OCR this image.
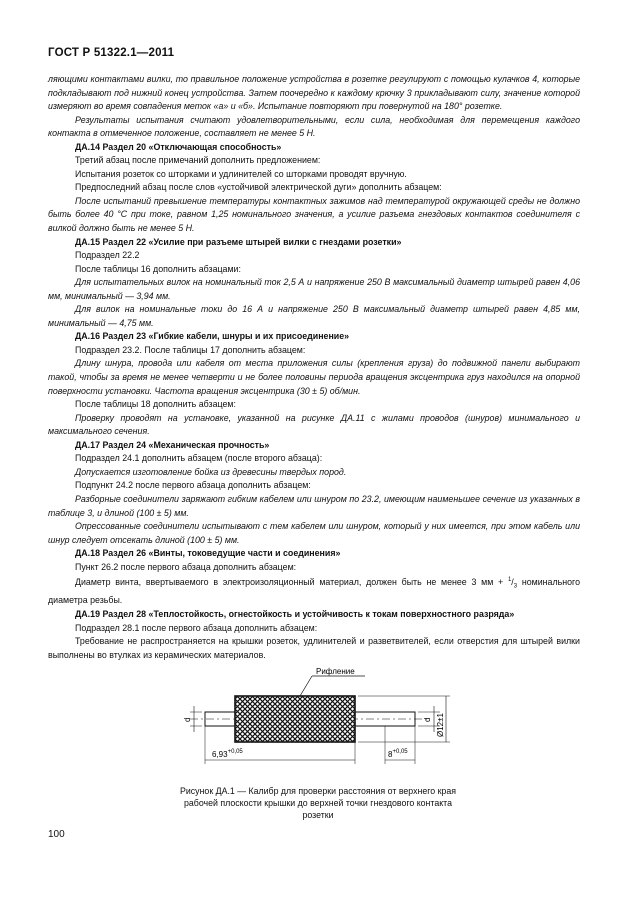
ГОСТ Р 51322.1—2011

ляющими контактами вилки, то правильное положение устройства в розетке регулируют с помощью кулачков 4, которые подкладывают под нижний конец устройства. Затем поочередно к каждому крючку 3 прикладывают силу, значение которой измеряют во время совпадения меток «а» и «б». Испытание повторяют при повернутой на 180° розетке.

Результаты испытания считают удовлетворительными, если сила, необходимая для перемещения каждого контакта в отмеченное положение, составляет не менее 5 Н.

ДА.14 Раздел 20 «Отключающая способность»

Третий абзац после примечаний дополнить предложением:

Испытания розеток со шторками и удлинителей со шторками проводят вручную.

Предпоследний абзац после слов «устойчивой электрической дуги» дополнить абзацем:

После испытаний превышение температуры контактных зажимов над температурой окружающей среды не должно быть более 40 °С при токе, равном 1,25 номинального значения, а усилие разъема гнездовых контактов соединителя с вилкой должно быть не менее 5 Н.

ДА.15 Раздел 22 «Усилие при разъеме штырей вилки с гнездами розетки»

Подраздел 22.2

После таблицы 16 дополнить абзацами:

Для испытательных вилок на номинальный ток 2,5 А и напряжение 250 В максимальный диаметр штырей равен 4,06 мм, минимальный — 3,94 мм.

Для вилок на номинальные токи до 16 А и напряжение 250 В максимальный диаметр штырей равен 4,85 мм, минимальный — 4,75 мм.

ДА.16 Раздел 23 «Гибкие кабели, шнуры и их присоединение»

Подраздел 23.2. После таблицы 17 дополнить абзацем:

Длину шнура, провода или кабеля от места приложения силы (крепления груза) до подвижной панели выбирают такой, чтобы за время не менее четверти и не более половины периода вращения эксцентрика груз находился на опорной поверхности установки. Частота вращения эксцентрика (30 ± 5) об/мин.

После таблицы 18 дополнить абзацем:

Проверку проводят на установке, указанной на рисунке ДА.11 с жилами проводов (шнуров) минимального и максимального сечения.

ДА.17 Раздел 24 «Механическая прочность»

Подраздел 24.1 дополнить абзацем (после второго абзаца):

Допускается изготовление бойка из древесины твердых пород.

Подпункт 24.2 после первого абзаца дополнить абзацем:

Разборные соединители заряжают гибким кабелем или шнуром по 23.2, имеющим наименьшее сечение из указанных в таблице 3, и длиной (100 ± 5) мм.

Опрессованные соединители испытывают с тем кабелем или шнуром, который у них имеется, при этом кабель или шнур следует отсекать длиной (100 ± 5) мм.

ДА.18 Раздел 26 «Винты, токоведущие части и соединения»

Пункт 26.2 после первого абзаца дополнить абзацем:

Диаметр винта, ввертываемого в электроизоляционный материал, должен быть не менее 3 мм + $^1/_3$ номинального диаметра резьбы.

ДА.19 Раздел 28 «Теплостойкость, огнестойкость и устойчивость к токам поверхностного разряда»

Подраздел 28.1 после первого абзаца дополнить абзацем:

Требование не распространяется на крышки розеток, удлинителей и разветвителей, если отверстия для штырей вилки выполнены во втулках из керамических материалов.

Рифление
d	d Ø12±1
$6,93^{+0,05}$	$8^{+0,05}$
Рисунок ДА.1 — Калибр для проверки расстояния от верхнего края рабочей плоскости крышки до верхней точки гнездового контакта розетки
100
